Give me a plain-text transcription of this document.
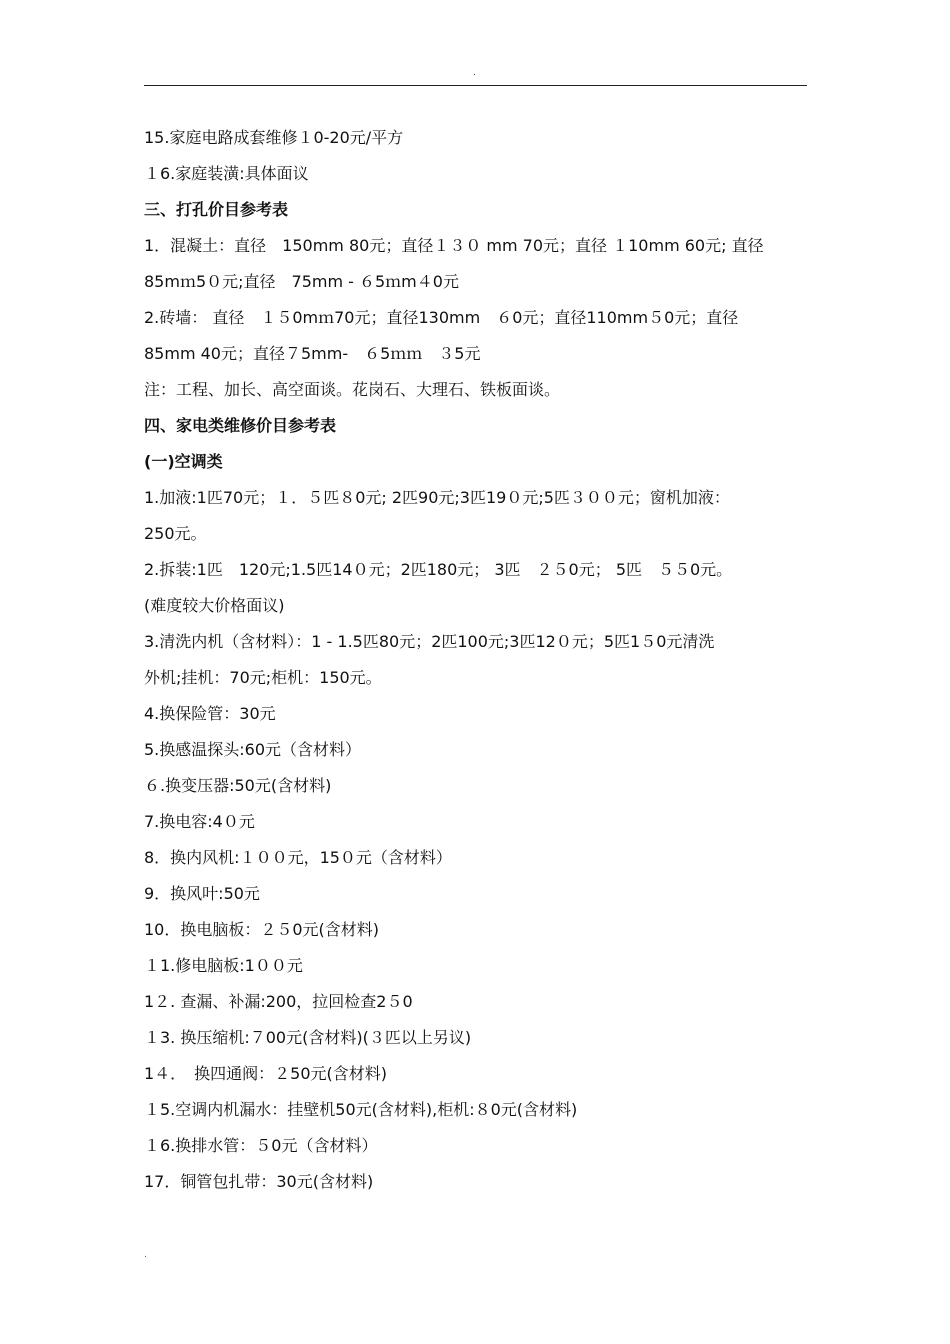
.
15.家庭电路成套维修１0-20元/平方
１6.家庭装潢:具体面议
三、打孔价目参考表
1．混凝土：直径　150mm 80元；直径１３０ mm 70元；直径 １10mm 60元; 直径
85mｍ5０元;直径　75mm - ６5ｍm４0元
2.砖墙： 直径　１５0mｍ70元；直径130mm　６0元；直径110mm５0元；直径
85mm 40元；直径７5mm-　６5ｍｍ　３5元
注：工程、加长、高空面谈。花岗石、大理石、铁板面谈。
四、家电类维修价目参考表
(一)空调类
1.加液:1匹70元；１．５匹８0元; 2匹90元;3匹19０元;5匹３００元；窗机加液：
250元。
2.拆装:1匹　120元;1.5匹14０元；2匹180元； 3匹　２５0元； 5匹　５５0元。
(难度较大价格面议)
3.清洗内机（含材料）：1 - 1.5匹80元；2匹100元;3匹12０元；5匹1５0元清洗
外机;挂机：70元;柜机：150元。
4.换保险管：30元
5.换感温探头:60元（含材料）
６.换变压器:50元(含材料)
7.换电容:4０元
8．换内风机:１００元，15０元（含材料）
9．换风叶:50元
10．换电脑板：２５0元(含材料)
１1.修电脑板:1００元
1２. 查漏、补漏:200，拉回检查2５0
１3. 换压缩机:７00元(含材料)(３匹以上另议)
1４．　换四通阀：２50元(含材料)
１5.空调内机漏水：挂壁机50元(含材料),柜机:８0元(含材料)
１6.换排水管：５0元（含材料）
17．铜管包扎带：30元(含材料)
.
